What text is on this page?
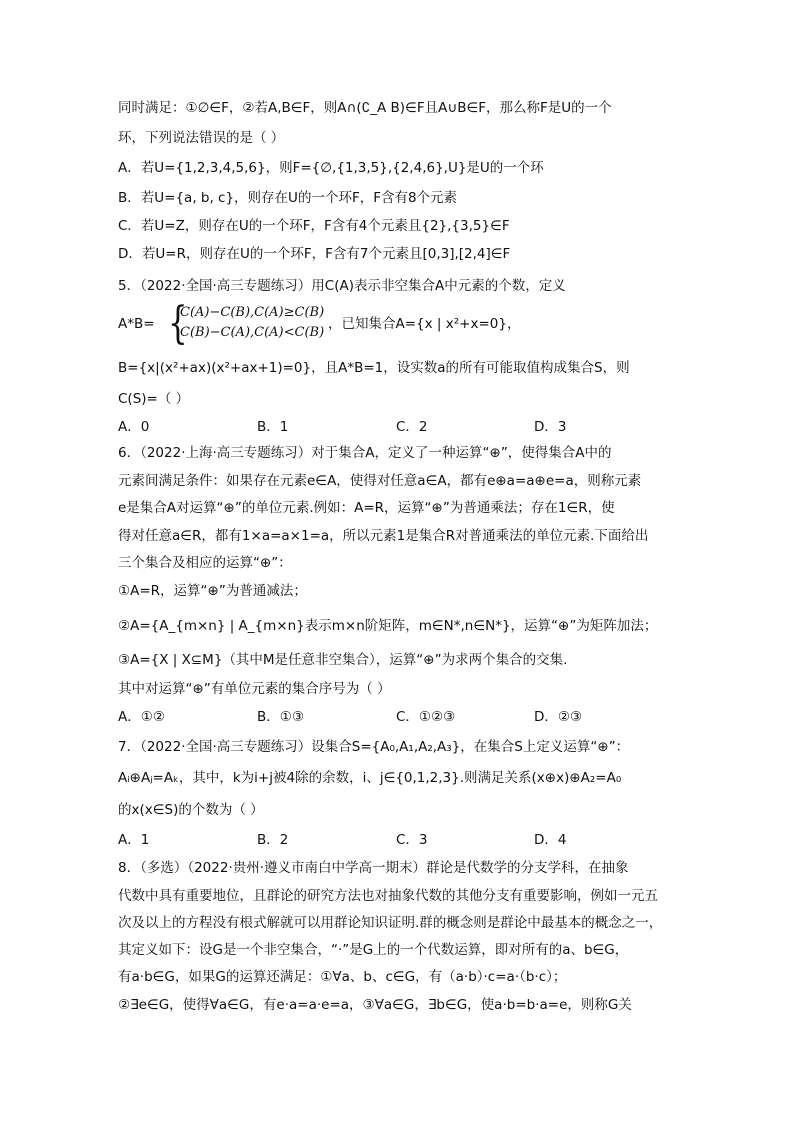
同时满足：①∅∈F，②若A,B∈F，则A∩(∁_A B)∈F且A∪B∈F，那么称F是U的一个
环，下列说法错误的是（ ）
A．若U={1,2,3,4,5,6}，则F={∅,{1,3,5},{2,4,6},U}是U的一个环
B．若U={a, b, c}，则存在U的一个环F，F含有8个元素
C．若U=Z，则存在U的一个环F，F含有4个元素且{2},{3,5}∈F
D．若U=R，则存在U的一个环F，F含有7个元素且[0,3],[2,4]∈F
5．（2022·全国·高三专题练习）用C(A)表示非空集合A中元素的个数，定义
A*B= {
C(A)−C(B),C(A)≥C(B)
C(B)−C(A),C(A)<C(B)
，已知集合A={x | x²+x=0}，
B={x|(x²+ax)(x²+ax+1)=0}，且A*B=1，设实数a的所有可能取值构成集合S，则
C(S)=（ ）
A．0	B．1	C．2	D．3
6．（2022·上海·高三专题练习）对于集合A，定义了一种运算“⊕”，使得集合A中的
元素间满足条件：如果存在元素e∈A，使得对任意a∈A，都有e⊕a=a⊕e=a，则称元素
e是集合A对运算“⊕”的单位元素.例如：A=R，运算“⊕”为普通乘法；存在1∈R，使
得对任意a∈R，都有1×a=a×1=a，所以元素1是集合R对普通乘法的单位元素.下面给出
三个集合及相应的运算“⊕”：
①A=R，运算“⊕”为普通减法；
②A={A_{m×n} | A_{m×n}表示m×n阶矩阵，m∈N*,n∈N*}，运算“⊕”为矩阵加法；
③A={X | X⊆M}（其中M是任意非空集合），运算“⊕”为求两个集合的交集.
其中对运算“⊕”有单位元素的集合序号为（ ）
A．①②	B．①③	C．①②③	D．②③
7．（2022·全国·高三专题练习）设集合S={A₀,A₁,A₂,A₃}，在集合S上定义运算“⊕”：
Aᵢ⊕Aⱼ=Aₖ，其中，k为i+j被4除的余数，i、j∈{0,1,2,3}.则满足关系(x⊕x)⊕A₂=A₀
的x(x∈S)的个数为（ ）
A．1	B．2	C．3	D．4
8．（多选）（2022·贵州·遵义市南白中学高一期末）群论是代数学的分支学科，在抽象
代数中具有重要地位，且群论的研究方法也对抽象代数的其他分支有重要影响，例如一元五
次及以上的方程没有根式解就可以用群论知识证明.群的概念则是群论中最基本的概念之一，
其定义如下：设G是一个非空集合，“·”是G上的一个代数运算，即对所有的a、b∈G，
有a·b∈G，如果G的运算还满足：①∀a、b、c∈G，有（a·b）·c=a·（b·c）；
②∃e∈G，使得∀a∈G，有e·a=a·e=a，③∀a∈G，∃b∈G，使a·b=b·a=e，则称G关
